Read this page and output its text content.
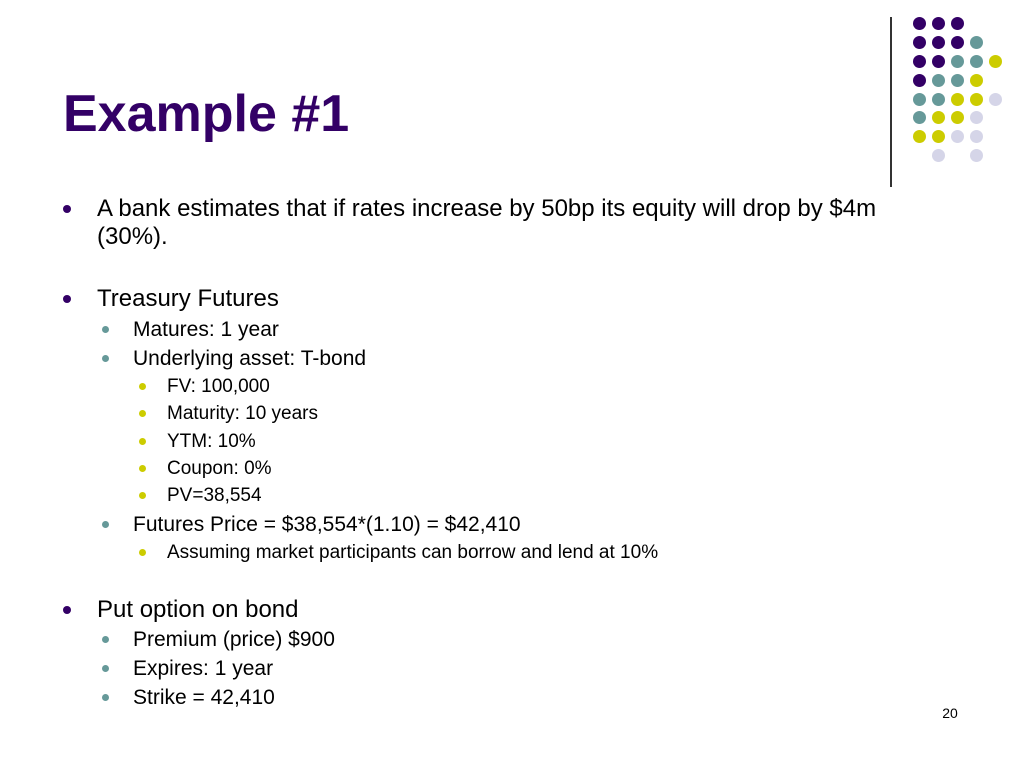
Example #1
A bank estimates that if rates increase by 50bp its equity will drop by $4m (30%).
Treasury Futures
Matures: 1 year
Underlying asset: T-bond
FV: 100,000
Maturity: 10 years
YTM: 10%
Coupon: 0%
PV=38,554
Futures Price = $38,554*(1.10) = $42,410
Assuming market participants can borrow and lend at 10%
Put option on bond
Premium (price) $900
Expires: 1 year
Strike = 42,410
20
